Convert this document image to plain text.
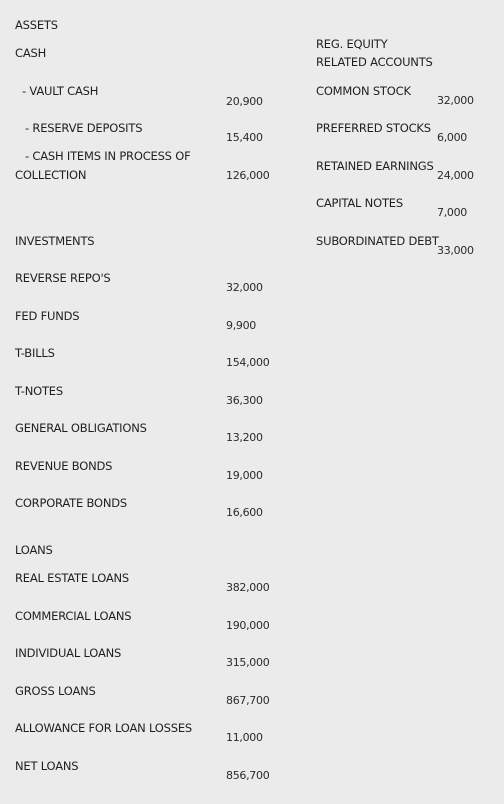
ASSETS
CASH
- VAULT CASH
20,900
- RESERVE DEPOSITS
15,400
- CASH ITEMS IN PROCESS OF
COLLECTION	126,000
INVESTMENTS
REVERSE REPO'S
32,000
FED FUNDS
9,900
T-BILLS
154,000
T-NOTES
36,300
GENERAL OBLIGATIONS
13,200
REVENUE BONDS
19,000
CORPORATE BONDS
16,600
LOANS
REAL ESTATE LOANS
382,000
COMMERCIAL LOANS
190,000
INDIVIDUAL LOANS
315,000
GROSS LOANS
867,700
ALLOWANCE FOR LOAN LOSSES
11,000
NET LOANS
856,700
REG. EQUITY
RELATED ACCOUNTS
COMMON STOCK
32,000
PREFERRED STOCKS
6,000
RETAINED EARNINGS
24,000
CAPITAL NOTES
7,000
SUBORDINATED DEBT
33,000
